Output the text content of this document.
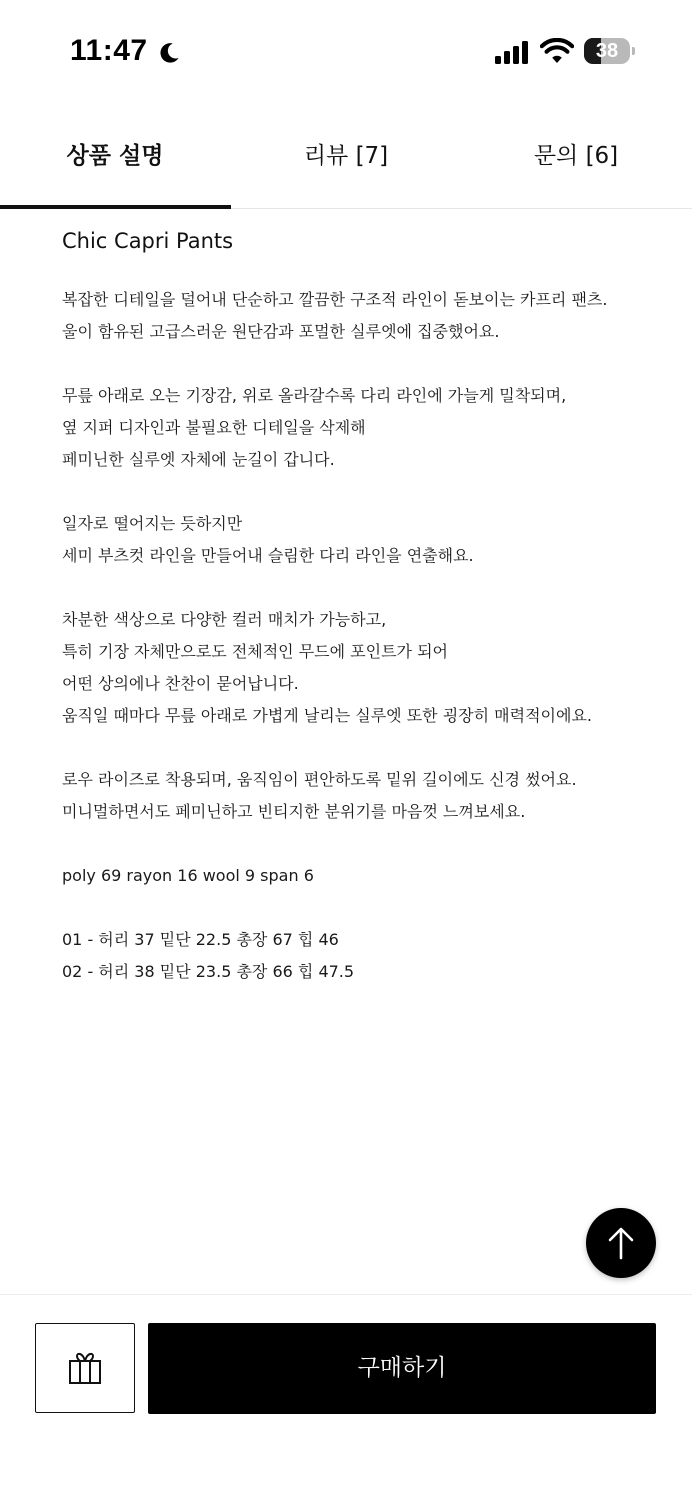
11:47	38
상품 설명	리뷰 [7]	문의 [6]
Chic Capri Pants
복잡한 디테일을 덜어내 단순하고 깔끔한 구조적 라인이 돋보이는 카프리 팬츠.
울이 함유된 고급스러운 원단감과 포멀한 실루엣에 집중했어요.
무릎 아래로 오는 기장감, 위로 올라갈수록 다리 라인에 가늘게 밀착되며,
옆 지퍼 디자인과 불필요한 디테일을 삭제해
페미닌한 실루엣 자체에 눈길이 갑니다.
일자로 떨어지는 듯하지만
세미 부츠컷 라인을 만들어내 슬림한 다리 라인을 연출해요.
차분한 색상으로 다양한 컬러 매치가 가능하고,
특히 기장 자체만으로도 전체적인 무드에 포인트가 되어
어떤 상의에나 찬찬이 묻어납니다.
움직일 때마다 무릎 아래로 가볍게 날리는 실루엣 또한 굉장히 매력적이에요.
로우 라이즈로 착용되며, 움직임이 편안하도록 밑위 길이에도 신경 썼어요.
미니멀하면서도 페미닌하고 빈티지한 분위기를 마음껏 느껴보세요.
poly 69 rayon 16 wool 9 span 6
01 - 허리 37 밑단 22.5 총장 67 힙 46
02 - 허리 38 밑단 23.5 총장 66 힙 47.5
구매하기
